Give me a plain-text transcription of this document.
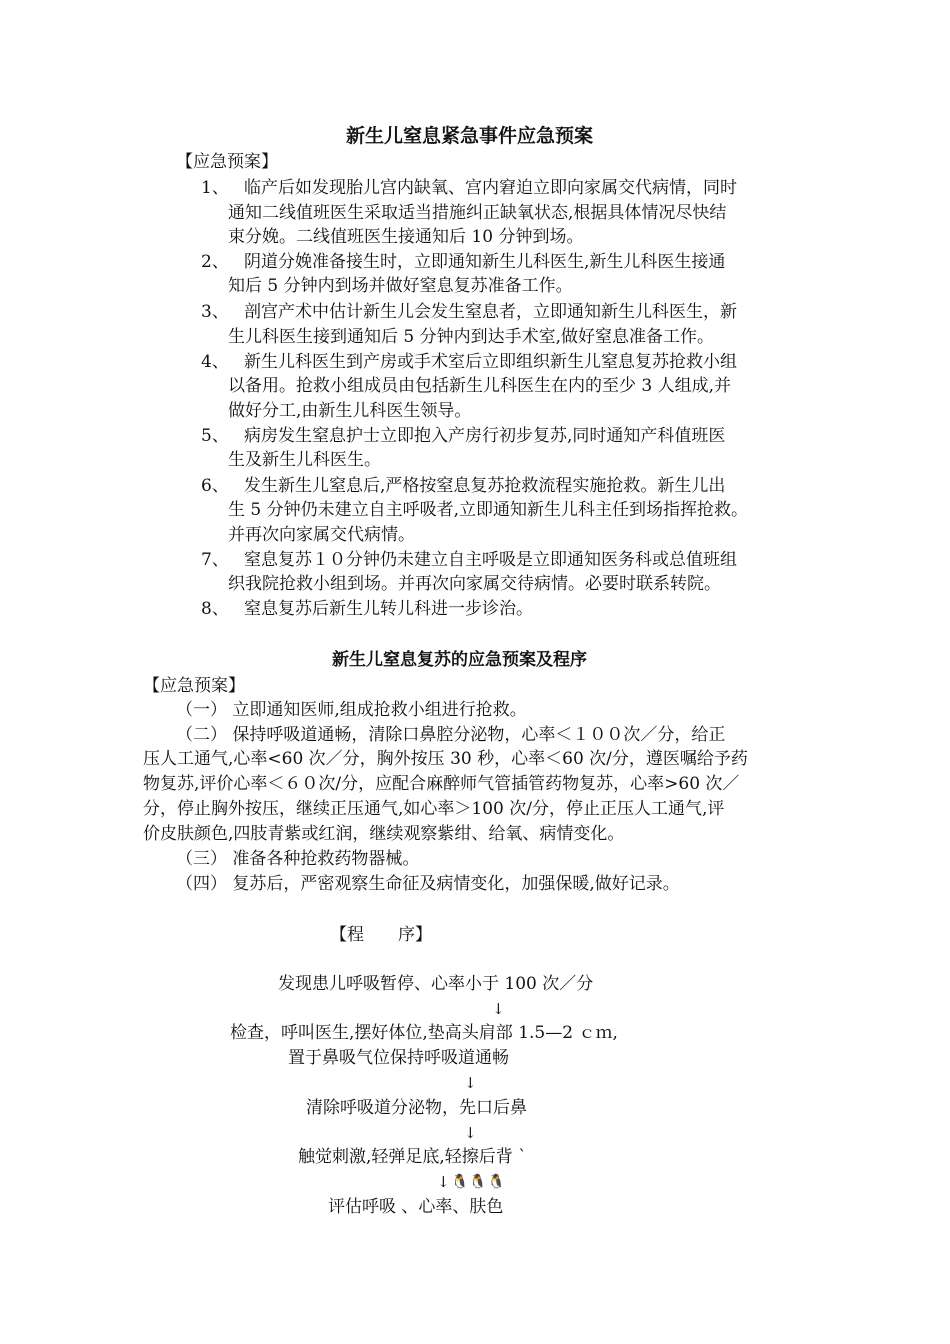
新生儿窒息紧急事件应急预案
【应急预案】
1、 临产后如发现胎儿宫内缺氧、宫内窘迫立即向家属交代病情，同时
通知二线值班医生采取适当措施纠正缺氧状态,根据具体情况尽快结
束分娩。二线值班医生接通知后 10 分钟到场。
2、 阴道分娩准备接生时，立即通知新生儿科医生,新生儿科医生接通
知后 5 分钟内到场并做好窒息复苏准备工作。
3、 剖宫产术中估计新生儿会发生窒息者，立即通知新生儿科医生，新
生儿科医生接到通知后 5 分钟内到达手术室,做好窒息准备工作。
4、 新生儿科医生到产房或手术室后立即组织新生儿窒息复苏抢救小组
以备用。抢救小组成员由包括新生儿科医生在内的至少 3 人组成,并
做好分工,由新生儿科医生领导。
5、 病房发生窒息护士立即抱入产房行初步复苏,同时通知产科值班医
生及新生儿科医生。
6、 发生新生儿窒息后,严格按窒息复苏抢救流程实施抢救。新生儿出
生 5 分钟仍未建立自主呼吸者,立即通知新生儿科主任到场指挥抢救。
并再次向家属交代病情。
7、 窒息复苏１０分钟仍未建立自主呼吸是立即通知医务科或总值班组
织我院抢救小组到场。并再次向家属交待病情。必要时联系转院。
8、 窒息复苏后新生儿转儿科进一步诊治。
新生儿窒息复苏的应急预案及程序
【应急预案】
（一） 立即通知医师,组成抢救小组进行抢救。
（二） 保持呼吸道通畅，清除口鼻腔分泌物，心率＜１００次／分，给正
压人工通气,心率<60 次／分，胸外按压 30 秒，心率＜60 次/分，遵医嘱给予药
物复苏,评价心率＜６０次/分，应配合麻醉师气管插管药物复苏，心率>60 次／
分，停止胸外按压，继续正压通气,如心率＞100 次/分，停止正压人工通气,评
价皮肤颜色,四肢青紫或红润，继续观察紫绀、给氧、病情变化。
（三） 准备各种抢救药物器械。
（四） 复苏后，严密观察生命征及病情变化，加强保暖,做好记录。
【程　　序】
发现患儿呼吸暂停、心率小于 100 次／分
↓
检查，呼叫医生,摆好体位,垫高头肩部 1.5—2 ｃｍ,
置于鼻吸气位保持呼吸道通畅
↓
清除呼吸道分泌物，先口后鼻
↓
触觉刺激,轻弹足底,轻擦后背 ˋ
↓ 🐧🐧🐧
评估呼吸 、心率、肤色
